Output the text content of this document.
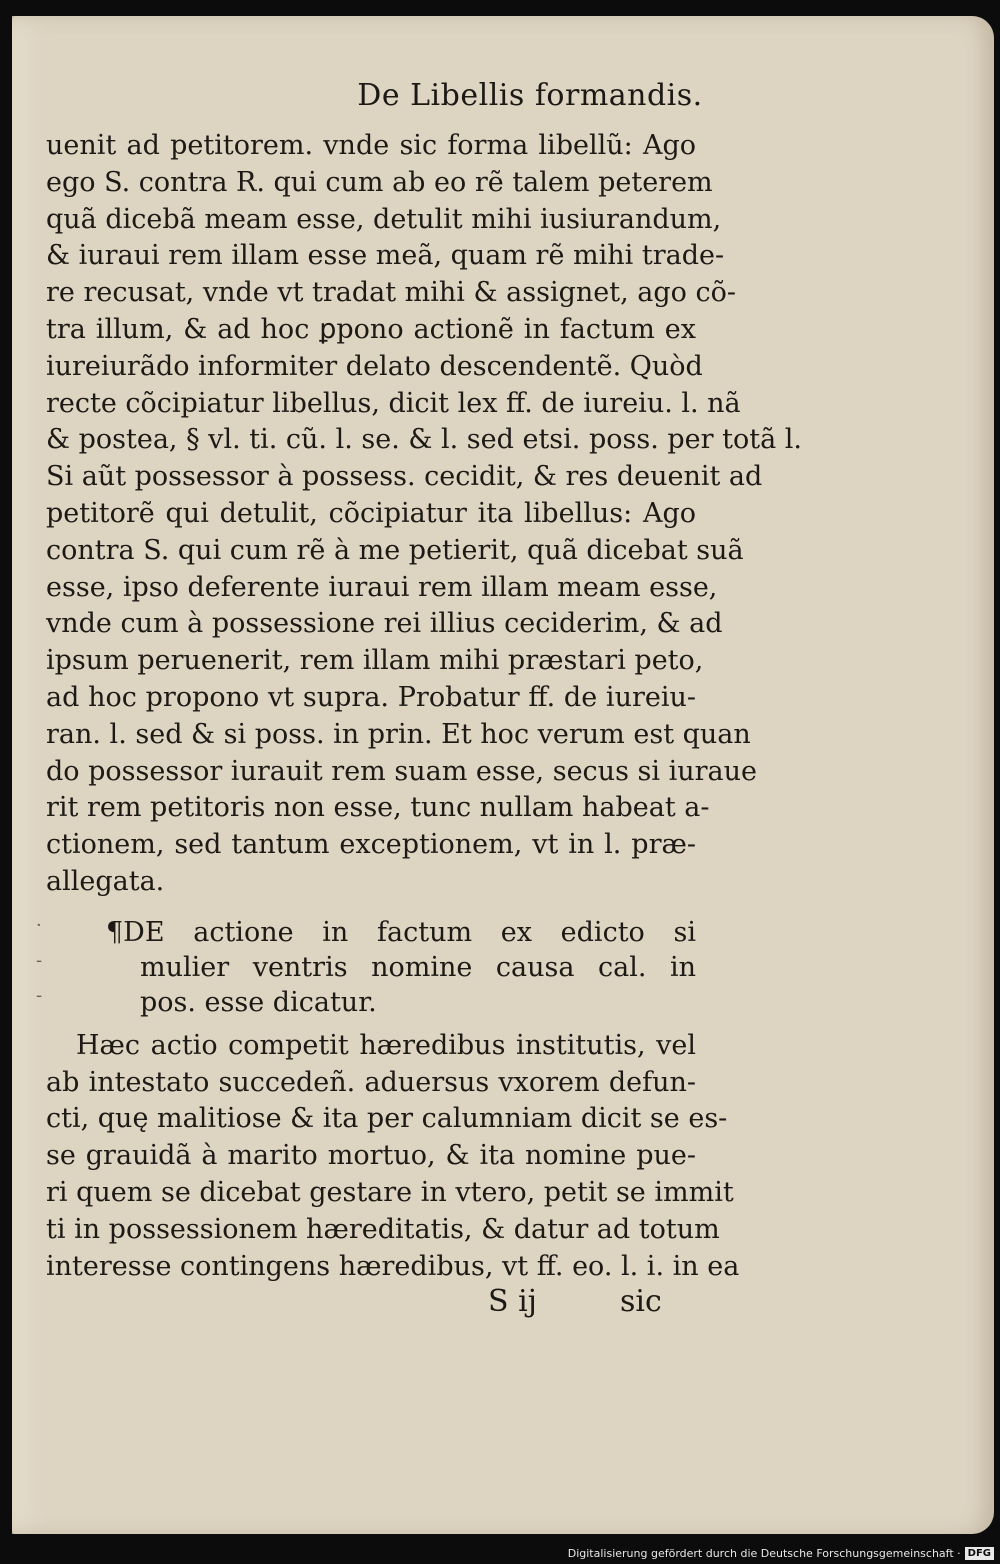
De Libellis formandis.
uenit ad petitorem. vnde sic forma libellũ: Ago
ego S. contra R. qui cum ab eo rẽ talem peterem
quã dicebã meam esse, detulit mihi iusiurandum,
& iuraui rem illam esse meã, quam rẽ mihi trade-
re recusat, vnde vt tradat mihi & assignet, ago cõ-
tra illum, & ad hoc ꝑpono actionẽ in factum ex
iureiurãdo informiter delato descendentẽ. Quòd
recte cõcipiatur libellus, dicit lex ff. de iureiu. l. nã
& postea, § vl. ti. cũ. l. se. & l. sed etsi. poss. per totã l.
Si aũt possessor à possess. cecidit, & res deuenit ad
petitorẽ qui detulit, cõcipiatur ita libellus: Ago
contra S. qui cum rẽ à me petierit, quã dicebat suã
esse, ipso deferente iuraui rem illam meam esse,
vnde cum à possessione rei illius ceciderim, & ad
ipsum peruenerit, rem illam mihi præstari peto,
ad hoc propono vt supra. Probatur ff. de iureiu-
ran. l. sed & si poss. in prin. Et hoc verum est quan
do possessor iurauit rem suam esse, secus si iuraue
rit rem petitoris non esse, tunc nullam habeat a-
ctionem, sed tantum exceptionem, vt in l. præ-
allegata.
¶DE actione in factum ex edicto si
mulier ventris nomine causa cal. in
pos. esse dicatur.
Hæc actio competit hæredibus institutis, vel
ab intestato succedeñ. aduersus vxorem defun-
cti, quę malitiose & ita per calumniam dicit se es-
se grauidã à marito mortuo, & ita nomine pue-
ri quem se dicebat gestare in vtero, petit se immit
ti in possessionem hæreditatis, & datur ad totum
interesse contingens hæredibus, vt ff. eo. l. i. in ea
·
-
-
S ij	sic
Digitalisierung gefördert durch die Deutsche Forschungsgemeinschaft · DFG
